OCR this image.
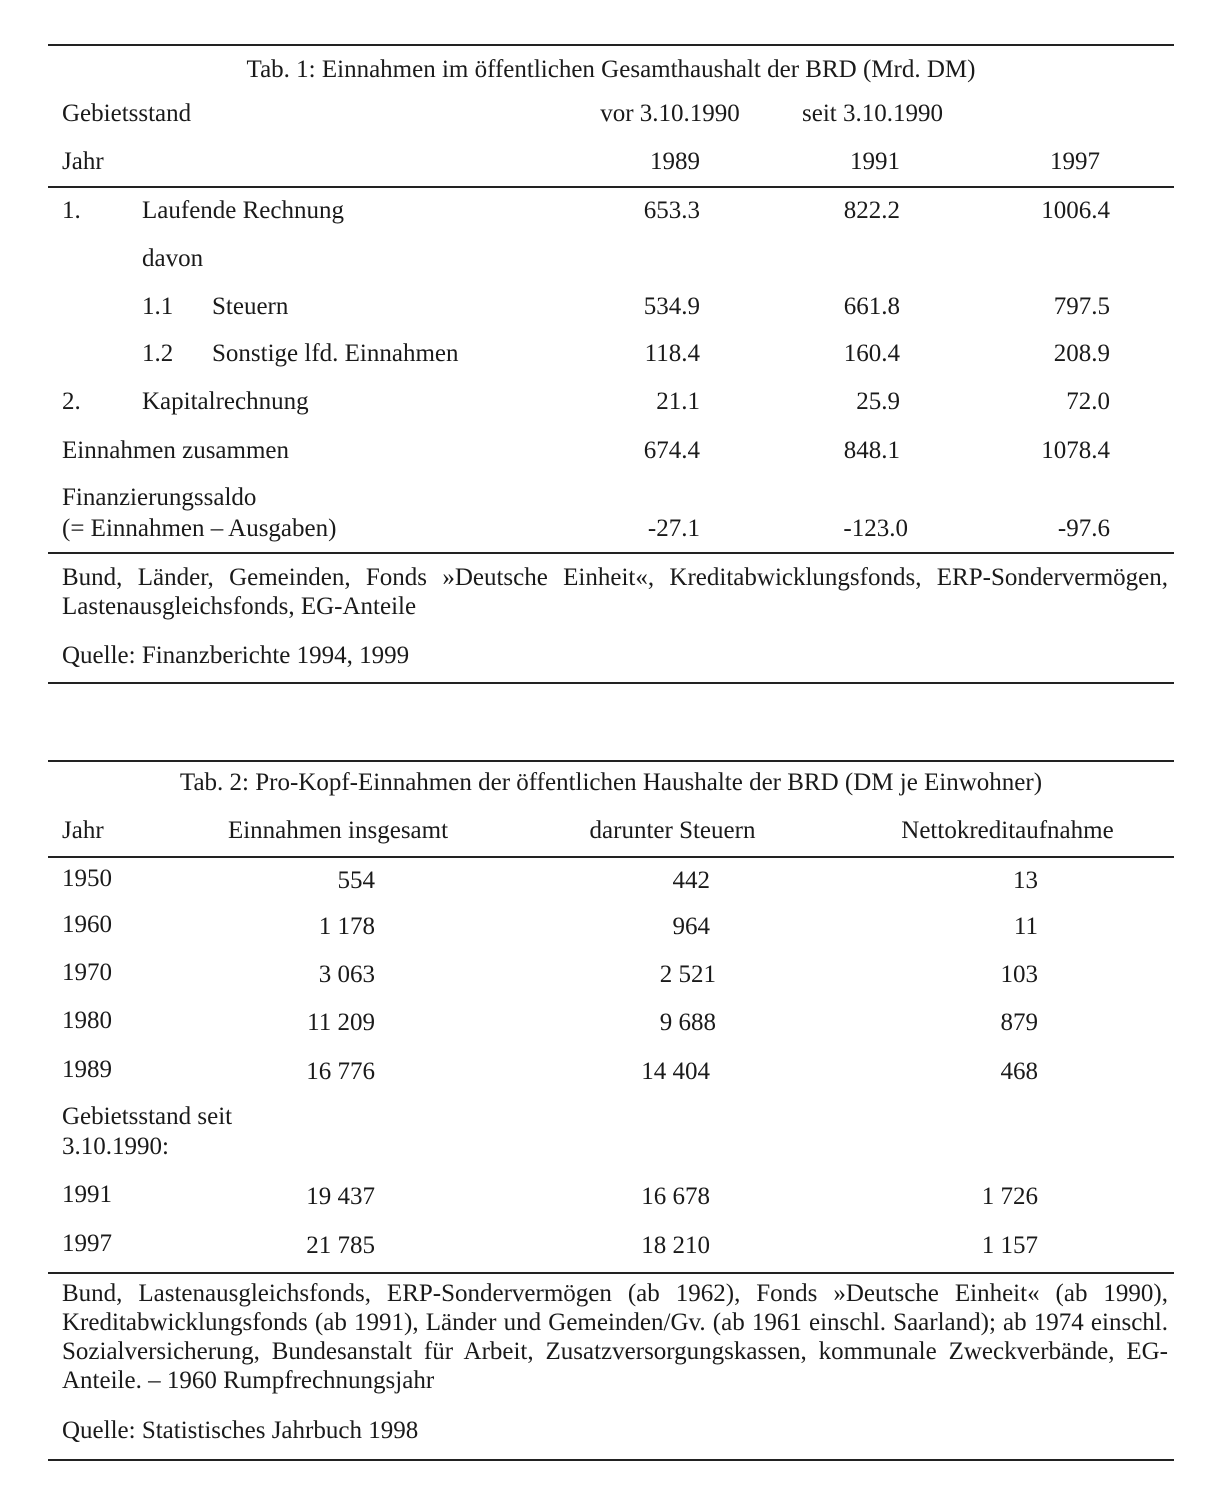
Tab. 1: Einnahmen im öffentlichen Gesamthaushalt der BRD (Mrd. DM)
Gebietsstand	vor 3.10.1990	seit 3.10.1990
Jahr	1989	1991	1997
1. Laufende Rechnung	653.3	822.2	1006.4
davon
1.1 Steuern	534.9	661.8	797.5
1.2 Sonstige lfd. Einnahmen	118.4	160.4	208.9
2. Kapitalrechnung	21.1	25.9	72.0
Einnahmen zusammen	674.4	848.1	1078.4
Finanzierungssaldo
(= Einnahmen – Ausgaben)	-27.1	-123.0	-97.6
Bund, Länder, Gemeinden, Fonds »Deutsche Einheit«, Kreditabwicklungsfonds, ERP-Sondervermögen, Lastenausgleichsfonds, EG-Anteile
Quelle: Finanzberichte 1994, 1999
Tab. 2: Pro-Kopf-Einnahmen der öffentlichen Haushalte der BRD (DM je Einwohner)
Jahr	Einnahmen insgesamt	darunter Steuern	Nettokreditaufnahme
1950	554	442	13
1960	1 178	964	11
1970	3 063	2 521	103
1980	11 209	9 688	879
1989	16 776	14 404	468
Gebietsstand seit
3.10.1990:
1991	19 437	16 678	1 726
1997	21 785	18 210	1 157
Bund, Lastenausgleichsfonds, ERP-Sondervermögen (ab 1962), Fonds »Deutsche Einheit« (ab 1990), Kreditabwicklungsfonds (ab 1991), Länder und Gemeinden/Gv. (ab 1961 einschl. Saarland); ab 1974 einschl. Sozialversicherung, Bundesanstalt für Arbeit, Zusatzversorgungskassen, kommunale Zweckverbände, EG-Anteile. – 1960 Rumpfrechnungsjahr
Quelle: Statistisches Jahrbuch 1998
